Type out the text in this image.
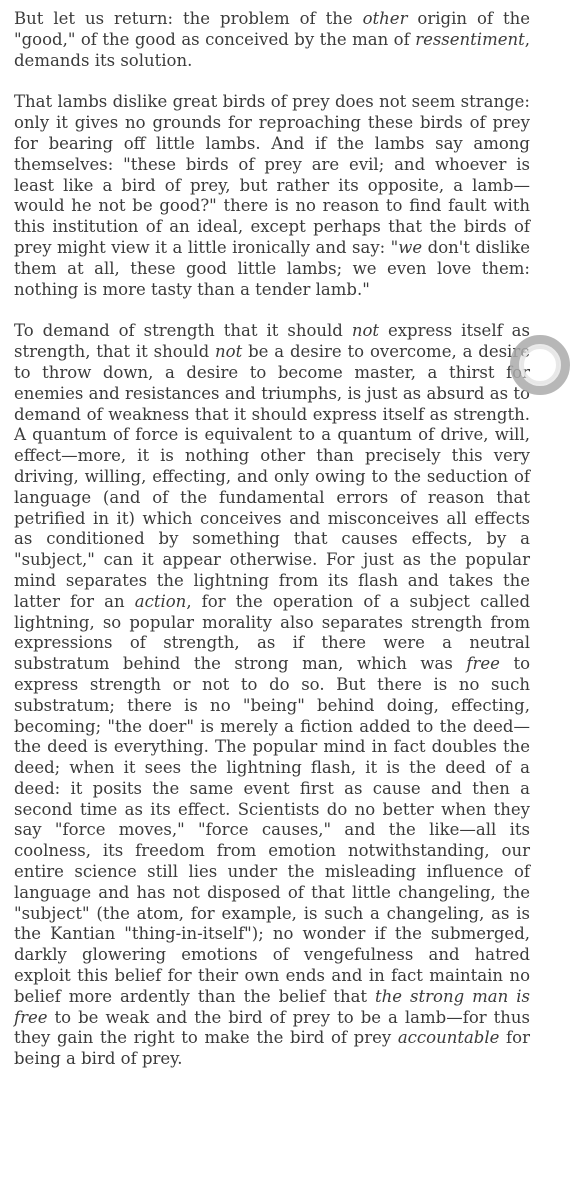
But let us return: the problem of the other origin of the "good," of the good as conceived by the man of ressentiment, demands its solution.

That lambs dislike great birds of prey does not seem strange: only it gives no grounds for reproaching these birds of prey for bearing off little lambs. And if the lambs say among themselves: "these birds of prey are evil; and whoever is least like a bird of prey, but rather its opposite, a lamb—would he not be good?" there is no reason to find fault with this institution of an ideal, except perhaps that the birds of prey might view it a little ironically and say: "we don't dislike them at all, these good little lambs; we even love them: nothing is more tasty than a tender lamb."

To demand of strength that it should not express itself as strength, that it should not be a desire to overcome, a desire to throw down, a desire to become master, a thirst for enemies and resistances and triumphs, is just as absurd as to demand of weakness that it should express itself as strength. A quantum of force is equivalent to a quantum of drive, will, effect—more, it is nothing other than precisely this very driving, willing, effecting, and only owing to the seduction of language (and of the fundamental errors of reason that petrified in it) which conceives and misconceives all effects as conditioned by something that causes effects, by a "subject," can it appear otherwise. For just as the popular mind separates the lightning from its flash and takes the latter for an action, for the operation of a subject called lightning, so popular morality also separates strength from expressions of strength, as if there were a neutral substratum behind the strong man, which was free to express strength or not to do so. But there is no such substratum; there is no "being" behind doing, effecting, becoming; "the doer" is merely a fiction added to the deed—the deed is everything. The popular mind in fact doubles the deed; when it sees the lightning flash, it is the deed of a deed: it posits the same event first as cause and then a second time as its effect. Scientists do no better when they say "force moves," "force causes," and the like—all its coolness, its freedom from emotion notwithstanding, our entire science still lies under the misleading influence of language and has not disposed of that little changeling, the "subject" (the atom, for example, is such a changeling, as is the Kantian "thing-in-itself"); no wonder if the submerged, darkly glowering emotions of vengefulness and hatred exploit this belief for their own ends and in fact maintain no belief more ardently than the belief that the strong man is free to be weak and the bird of prey to be a lamb—for thus they gain the right to make the bird of prey accountable for being a bird of prey.
